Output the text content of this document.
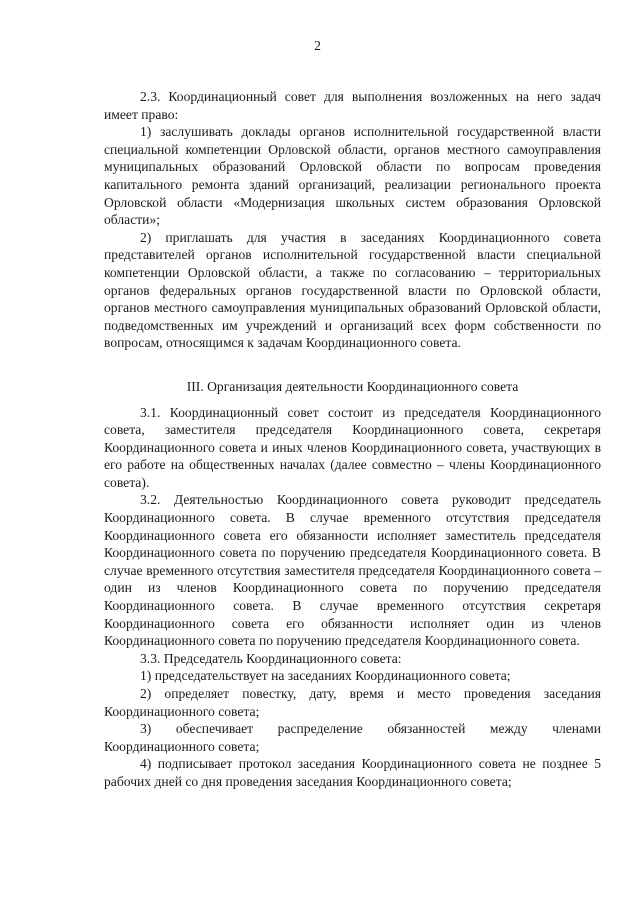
2

2.3. Координационный совет для выполнения возложенных на него задач имеет право:

1) заслушивать доклады органов исполнительной государственной власти специальной компетенции Орловской области, органов местного самоуправления муниципальных образований Орловской области по вопросам проведения капитального ремонта зданий организаций, реализации регионального проекта Орловской области «Модернизация школьных систем образования Орловской области»;

2) приглашать для участия в заседаниях Координационного совета представителей органов исполнительной государственной власти специальной компетенции Орловской области, а также по согласованию – территориальных органов федеральных органов государственной власти по Орловской области, органов местного самоуправления муниципальных образований Орловской области, подведомственных им учреждений и организаций всех форм собственности по вопросам, относящимся к задачам Координационного совета.

III. Организация деятельности Координационного совета

3.1. Координационный совет состоит из председателя Координационного совета, заместителя председателя Координационного совета, секретаря Координационного совета и иных членов Координационного совета, участвующих в его работе на общественных началах (далее совместно – члены Координационного совета).

3.2. Деятельностью Координационного совета руководит председатель Координационного совета. В случае временного отсутствия председателя Координационного совета его обязанности исполняет заместитель председателя Координационного совета по поручению председателя Координационного совета. В случае временного отсутствия заместителя председателя Координационного совета – один из членов Координационного совета по поручению председателя Координационного совета. В случае временного отсутствия секретаря Координационного совета его обязанности исполняет один из членов Координационного совета по поручению председателя Координационного совета.

3.3. Председатель Координационного совета:

1) председательствует на заседаниях Координационного совета;

2) определяет повестку, дату, время и место проведения заседания Координационного совета;

3) обеспечивает распределение обязанностей между членами Координационного совета;

4) подписывает протокол заседания Координационного совета не позднее 5 рабочих дней со дня проведения заседания Координационного совета;
